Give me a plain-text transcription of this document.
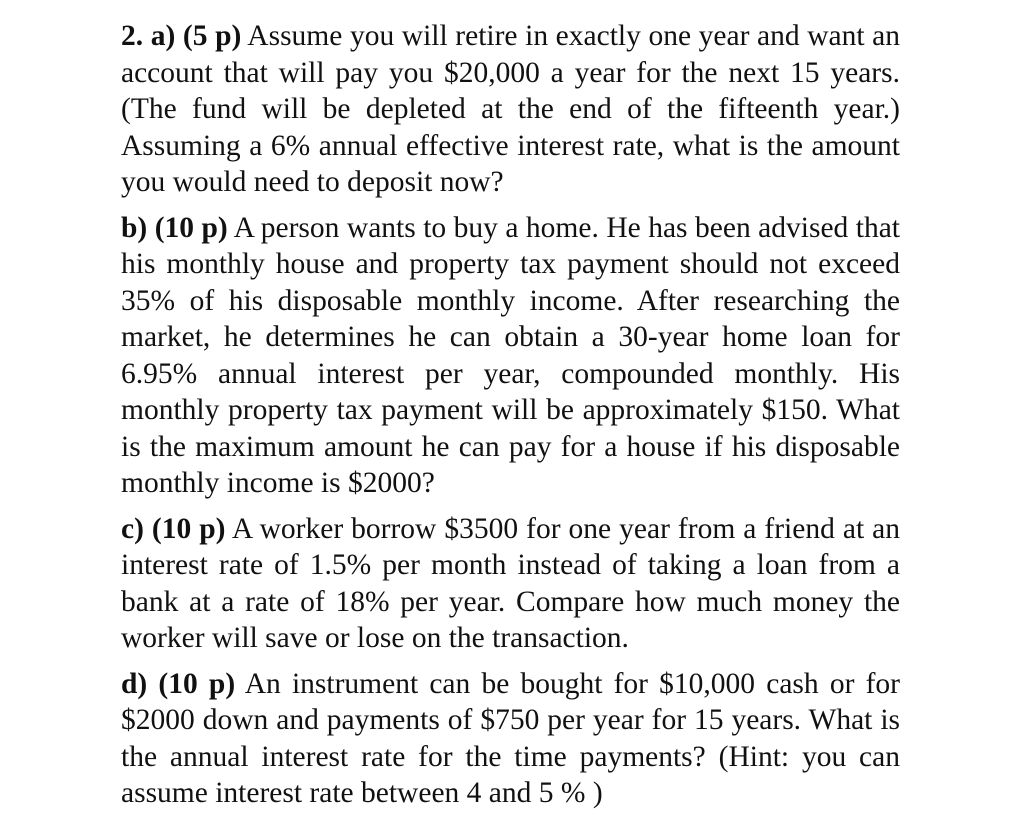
2. a) (5 p) Assume you will retire in exactly one year and want an account that will pay you $20,000 a year for the next 15 years. (The fund will be depleted at the end of the fifteenth year.) Assuming a 6% annual effective interest rate, what is the amount you would need to deposit now?

b) (10 p) A person wants to buy a home. He has been advised that his monthly house and property tax payment should not exceed 35% of his disposable monthly income. After researching the market, he determines he can obtain a 30-year home loan for 6.95% annual interest per year, compounded monthly. His monthly property tax payment will be approximately $150. What is the maximum amount he can pay for a house if his disposable monthly income is $2000?

c) (10 p) A worker borrow $3500 for one year from a friend at an interest rate of 1.5% per month instead of taking a loan from a bank at a rate of 18% per year. Compare how much money the worker will save or lose on the transaction.

d) (10 p) An instrument can be bought for $10,000 cash or for $2000 down and payments of $750 per year for 15 years. What is the annual interest rate for the time payments? (Hint: you can assume interest rate between 4 and 5 % )
